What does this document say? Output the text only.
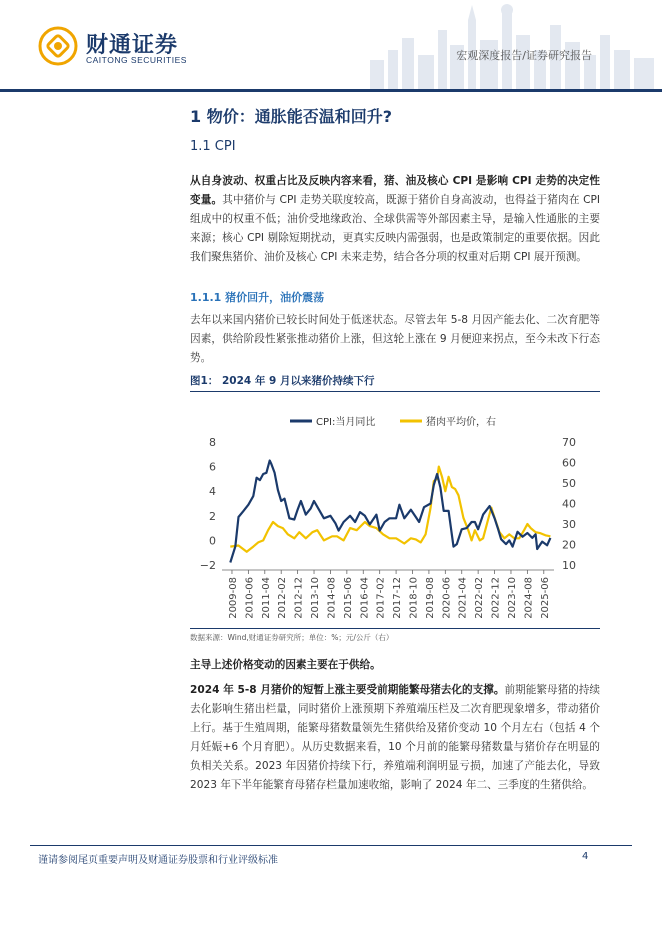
财通证券
CAITONG SECURITIES	宏观深度报告/证券研究报告
1 物价：通胀能否温和回升?
1.1 CPI
从自身波动、权重占比及反映内容来看，猪、油及核心 CPI 是影响 CPI 走势的决定性变量。其中猪价与 CPI 走势关联度较高，既源于猪价自身高波动，也得益于猪肉在 CPI 组成中的权重不低；油价受地缘政治、全球供需等外部因素主导，是输入性通胀的主要来源；核心 CPI 剔除短期扰动，更真实反映内需强弱，也是政策制定的重要依据。因此我们聚焦猪价、油价及核心 CPI 未来走势，结合各分项的权重对后期 CPI 展开预测。
1.1.1 猪价回升，油价震荡
去年以来国内猪价已较长时间处于低迷状态。尽管去年 5-8 月因产能去化、二次育肥等因素，供给阶段性紧张推动猪价上涨，但这轮上涨在 9 月便迎来拐点，至今未改下行态势。
图1： 2024 年 9 月以来猪价持续下行
CPI:当月同比	猪肉平均价，右
8
6
4
2
0
−2
70
60
50
40
30
20
10
2009-08 2010-06 2011-04 2012-02 2012-12 2013-10 2014-08 2015-06 2016-04 2017-02 2017-12 2018-10 2019-08 2020-06 2021-04 2022-02 2022-12 2023-10 2024-08 2025-06
数据来源：Wind,财通证券研究所；单位：%；元/公斤（右）
主导上述价格变动的因素主要在于供给。
2024 年 5-8 月猪价的短暂上涨主要受前期能繁母猪去化的支撑。前期能繁母猪的持续去化影响生猪出栏量，同时猪价上涨预期下养殖端压栏及二次育肥现象增多，带动猪价上行。基于生殖周期，能繁母猪数量领先生猪供给及猪价变动 10 个月左右（包括 4 个月妊娠+6 个月育肥）。从历史数据来看，10 个月前的能繁母猪数量与猪价存在明显的负相关关系。2023 年因猪价持续下行，养殖端利润明显亏损，加速了产能去化，导致 2023 年下半年能繁育母猪存栏量加速收缩，影响了 2024 年二、三季度的生猪供给。
谨请参阅尾页重要声明及财通证券股票和行业评级标准	4
